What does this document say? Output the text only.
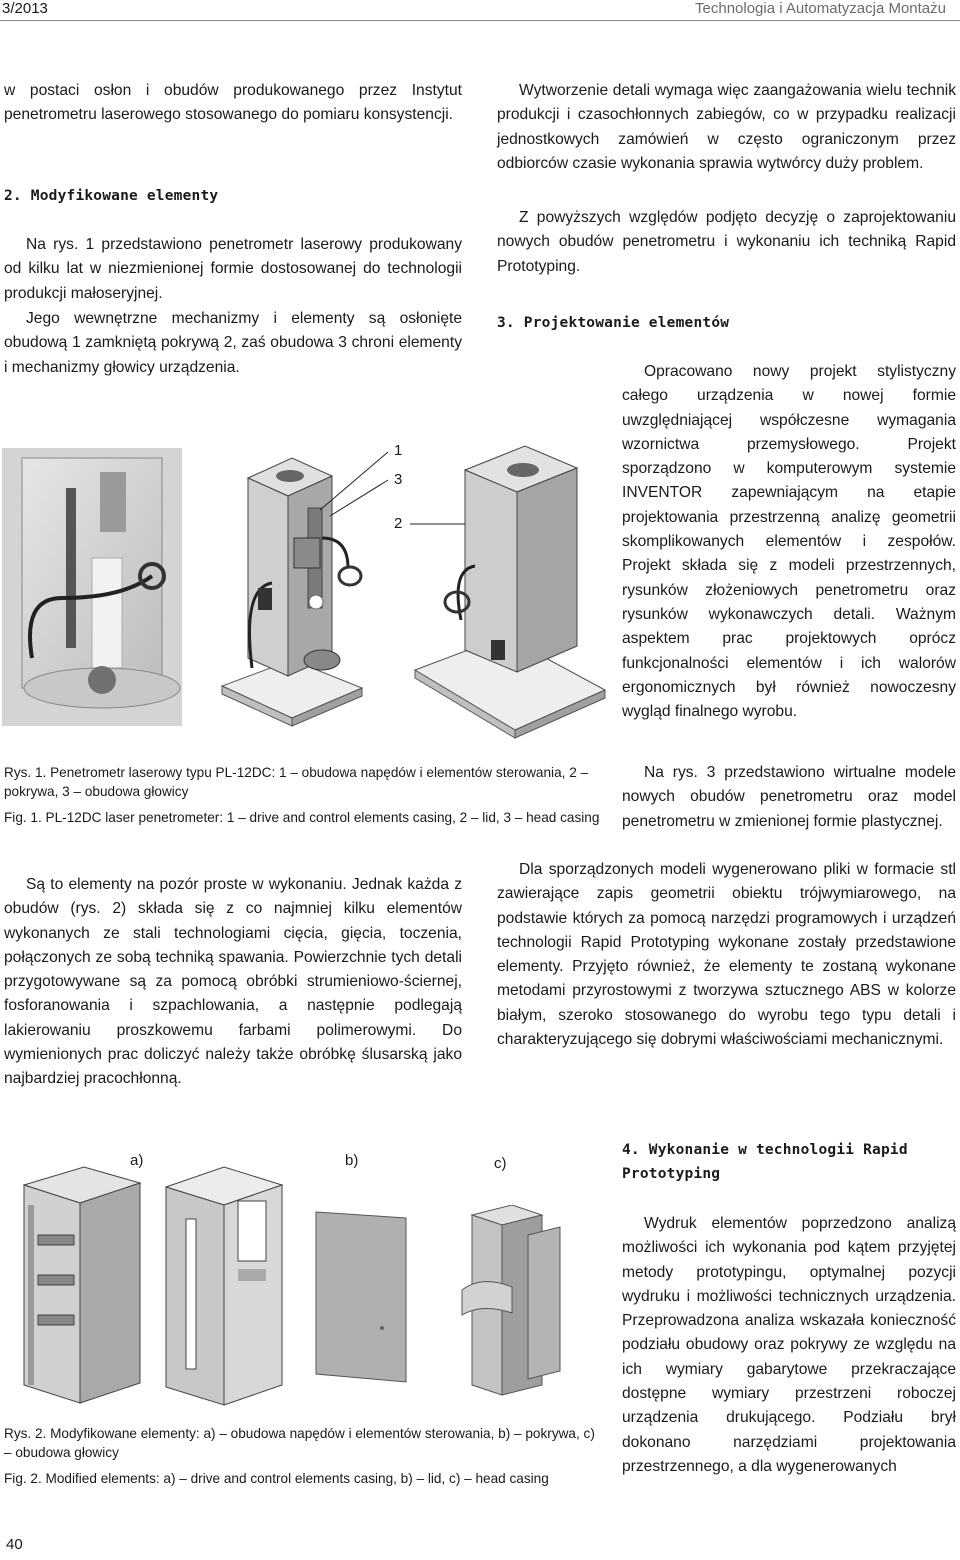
3/2013	Technologia i Automatyzacja Montażu

w postaci osłon i obudów produkowanego przez Instytut penetrometru laserowego stosowanego do pomiaru konsystencji.

2. Modyfikowane elementy

Na rys. 1 przedstawiono penetrometr laserowy produkowany od kilku lat w niezmienionej formie dostosowanej do technologii produkcji małoseryjnej.

Jego wewnętrzne mechanizmy i elementy są osłonięte obudową 1 zamkniętą pokrywą 2, zaś obudowa 3 chroni elementy i mechanizmy głowicy urządzenia.

Wytworzenie detali wymaga więc zaangażowania wielu technik produkcji i czasochłonnych zabiegów, co w przypadku realizacji jednostkowych zamówień w często ograniczonym przez odbiorców czasie wykonania sprawia wytwórcy duży problem.

Z powyższych względów podjęto decyzję o zaprojektowaniu nowych obudów penetrometru i wykonaniu ich techniką Rapid Prototyping.

3. Projektowanie elementów

1
3
2

Rys. 1. Penetrometr laserowy typu PL-12DC: 1 – obudowa napędów i elementów sterowania, 2 – pokrywa, 3 – obudowa głowicy

Fig. 1. PL-12DC laser penetrometer: 1 – drive and control elements casing, 2 – lid, 3 – head casing

Są to elementy na pozór proste w wykonaniu. Jednak każda z obudów (rys. 2) składa się z co najmniej kilku elementów wykonanych ze stali technologiami cięcia, gięcia, toczenia, połączonych ze sobą techniką spawania. Powierzchnie tych detali przygotowywane są za pomocą obróbki strumieniowo-ściernej, fosforanowania i szpachlowania, a następnie podlegają lakierowaniu proszkowemu farbami polimerowymi. Do wymienionych prac doliczyć należy także obróbkę ślusarską jako najbardziej pracochłonną.

Opracowano nowy projekt stylistyczny całego urządzenia w nowej formie uwzględniającej współczesne wymagania wzornictwa przemysłowego. Projekt sporządzono w komputerowym systemie INVENTOR zapewniającym na etapie projektowania przestrzenną analizę geometrii skomplikowanych elementów i zespołów. Projekt składa się z modeli przestrzennych, rysunków złożeniowych penetrometru oraz rysunków wykonawczych detali. Ważnym aspektem prac projektowych oprócz funkcjonalności elementów i ich walorów ergonomicznych był również nowoczesny wygląd finalnego wyrobu.

Na rys. 3 przedstawiono wirtualne modele nowych obudów penetrometru oraz model penetrometru w zmienionej formie plastycznej.

Dla sporządzonych modeli wygenerowano pliki w formacie stl zawierające zapis geometrii obiektu trójwymiarowego, na podstawie których za pomocą narzędzi programowych i urządzeń technologii Rapid Prototyping wykonane zostały przedstawione elementy. Przyjęto również, że elementy te zostaną wykonane metodami przyrostowymi z tworzywa sztucznego ABS w kolorze białym, szeroko stosowanego do wyrobu tego typu detali i charakteryzującego się dobrymi właściwościami mechanicznymi.

a)	b)	c)

Rys. 2. Modyfikowane elementy: a) – obudowa napędów i elementów sterowania, b) – pokrywa, c) – obudowa głowicy

Fig. 2. Modified elements: a) – drive and control elements casing, b) – lid, c) – head casing

4. Wykonanie w technologii Rapid Prototyping

Wydruk elementów poprzedzono analizą możliwości ich wykonania pod kątem przyjętej metody prototypingu, optymalnej pozycji wydruku i możliwości technicznych urządzenia. Przeprowadzona analiza wskazała konieczność podziału obudowy oraz pokrywy ze względu na ich wymiary gabarytowe przekraczające dostępne wymiary przestrzeni roboczej urządzenia drukującego. Podziału brył dokonano narzędziami projektowania przestrzennego, a dla wygenerowanych

40
